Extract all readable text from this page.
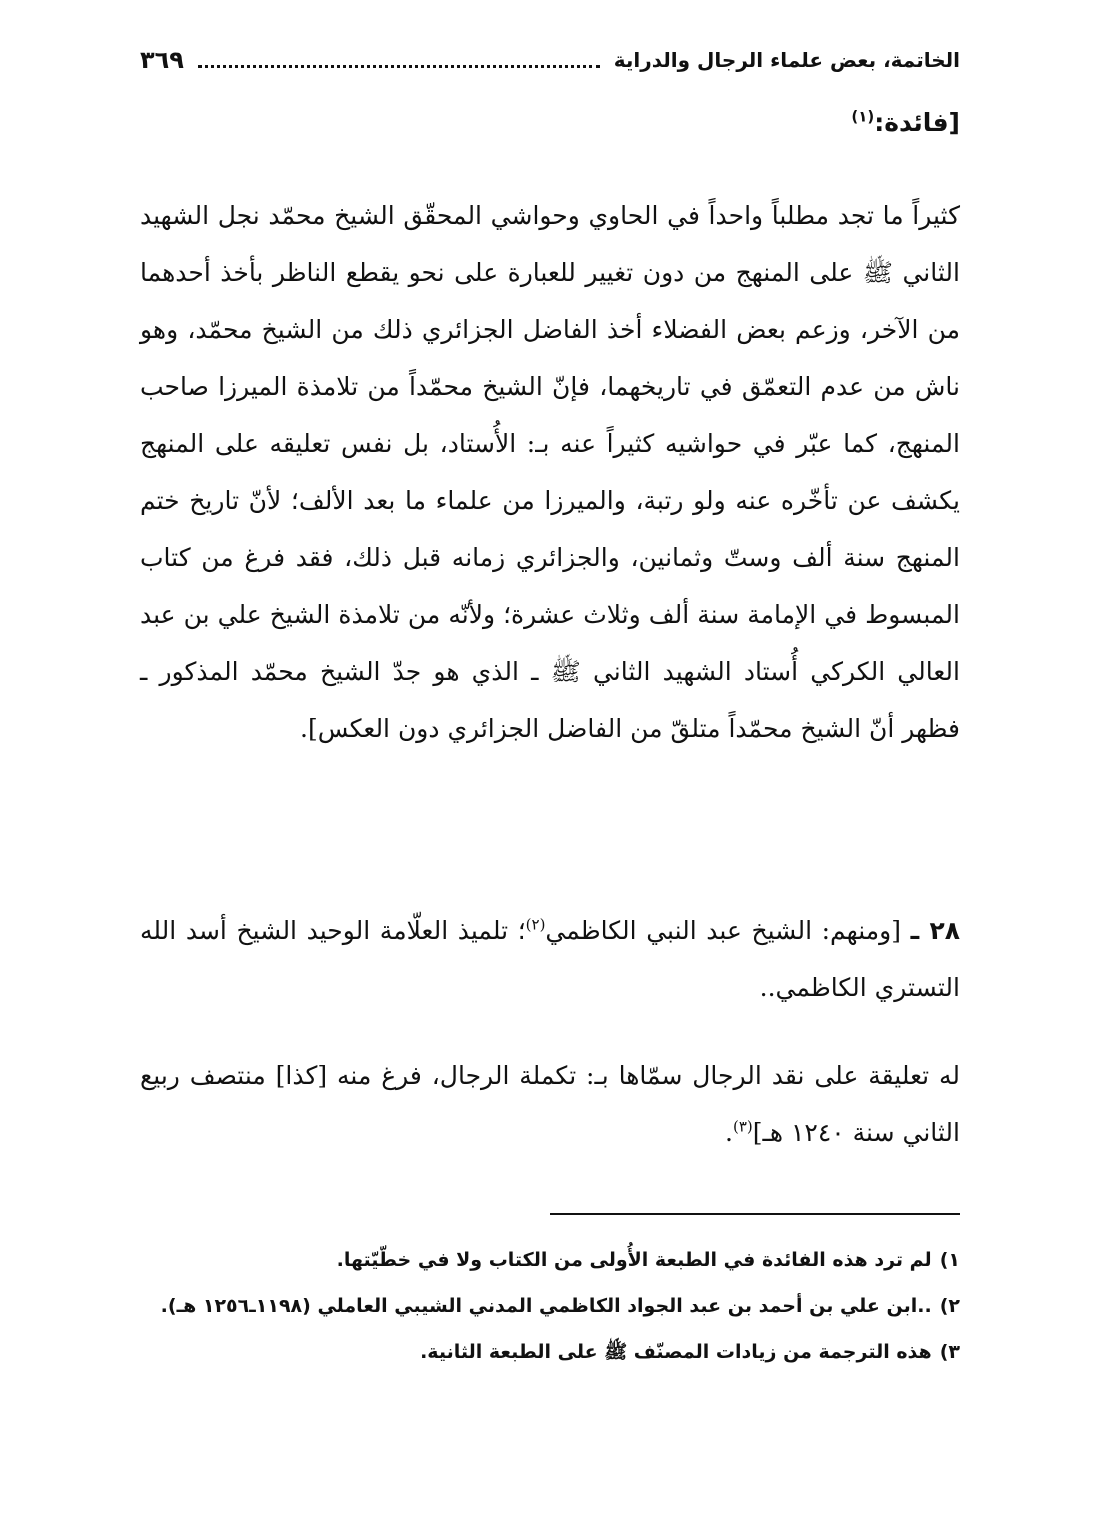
الخاتمة، بعض علماء الرجال والدراية
٣٦٩
[فائدة:$^{(١)}$
كثيراً ما تجد مطلباً واحداً في الحاوي وحواشي المحقّق الشيخ محمّد نجل الشهيد الثاني ﷺ على المنهج من دون تغيير للعبارة على نحو يقطع الناظر بأخذ أحدهما من الآخر، وزعم بعض الفضلاء أخذ الفاضل الجزائري ذلك من الشيخ محمّد، وهو ناش من عدم التعمّق في تاريخهما، فإنّ الشيخ محمّداً من تلامذة الميرزا صاحب المنهج، كما عبّر في حواشيه كثيراً عنه بـ: الأُستاد، بل نفس تعليقه على المنهج يكشف عن تأخّره عنه ولو رتبة، والميرزا من علماء ما بعد الألف؛ لأنّ تاريخ ختم المنهج سنة ألف وستّ وثمانين، والجزائري زمانه قبل ذلك، فقد فرغ من كتاب المبسوط في الإمامة سنة ألف وثلاث عشرة؛ ولأنّه من تلامذة الشيخ علي بن عبد العالي الكركي أُستاد الشهيد الثاني ﷺ ـ الذي هو جدّ الشيخ محمّد المذكور ـ فظهر أنّ الشيخ محمّداً متلقّ من الفاضل الجزائري دون العكس].
٢٨ ـ [ومنهم: الشيخ عبد النبي الكاظمي$^{(٢)}$؛ تلميذ العلّامة الوحيد الشيخ أسد الله التستري الكاظمي..
له تعليقة على نقد الرجال سمّاها بـ: تكملة الرجال، فرغ منه [كذا] منتصف ربيع الثاني سنة ١٢٤٠ هـ]$^{(٣)}$.
١)لم ترد هذه الفائدة في الطبعة الأُولى من الكتاب ولا في خطّيّتها.
٢)..ابن علي بن أحمد بن عبد الجواد الكاظمي المدني الشيبي العاملي (١١٩٨ـ١٢٥٦ هـ).
٣)هذه الترجمة من زيادات المصنّف ﷺ على الطبعة الثانية.
